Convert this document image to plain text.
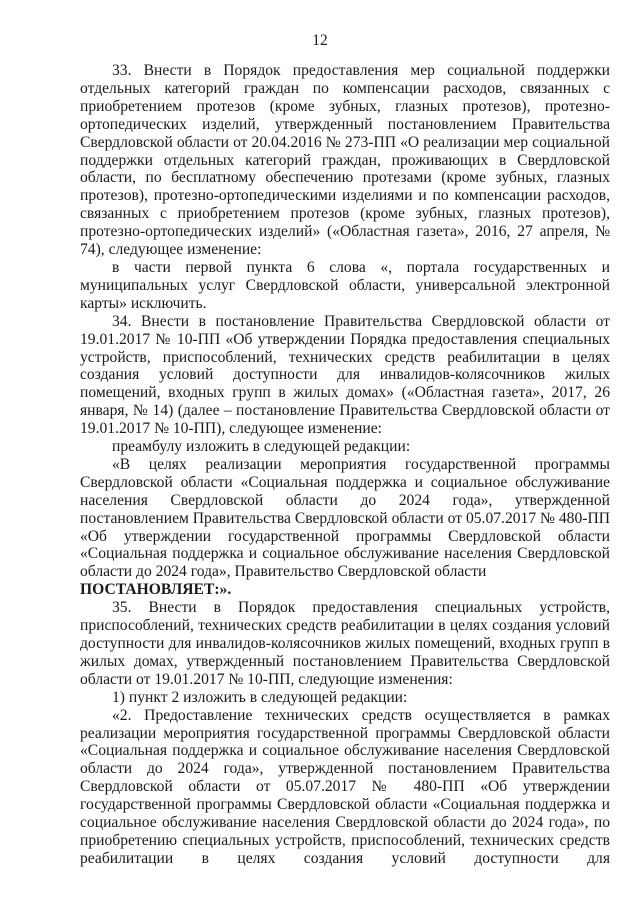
12

33. Внести в Порядок предоставления мер социальной поддержки отдельных категорий граждан по компенсации расходов, связанных с приобретением протезов (кроме зубных, глазных протезов), протезно-ортопедических изделий, утвержденный постановлением Правительства Свердловской области от 20.04.2016 № 273-ПП «О реализации мер социальной поддержки отдельных категорий граждан, проживающих в Свердловской области, по бесплатному обеспечению протезами (кроме зубных, глазных протезов), протезно-ортопедическими изделиями и по компенсации расходов, связанных с приобретением протезов (кроме зубных, глазных протезов), протезно-ортопедических изделий» («Областная газета», 2016, 27 апреля, № 74), следующее изменение:

в части первой пункта 6 слова «, портала государственных и муниципальных услуг Свердловской области, универсальной электронной карты» исключить.

34. Внести в постановление Правительства Свердловской области от 19.01.2017 № 10-ПП «Об утверждении Порядка предоставления специальных устройств, приспособлений, технических средств реабилитации в целях создания условий доступности для инвалидов-колясочников жилых помещений, входных групп в жилых домах» («Областная газета», 2017, 26 января, № 14) (далее – постановление Правительства Свердловской области от 19.01.2017 № 10-ПП), следующее изменение:

преамбулу изложить в следующей редакции:

«В целях реализации мероприятия государственной программы Свердловской области «Социальная поддержка и социальное обслуживание населения Свердловской области до 2024 года», утвержденной постановлением Правительства Свердловской области от 05.07.2017 № 480-ПП «Об утверждении государственной программы Свердловской области «Социальная поддержка и социальное обслуживание населения Свердловской области до 2024 года», Правительство Свердловской области

ПОСТАНОВЛЯЕТ:».

35. Внести в Порядок предоставления специальных устройств, приспособлений, технических средств реабилитации в целях создания условий доступности для инвалидов-колясочников жилых помещений, входных групп в жилых домах, утвержденный постановлением Правительства Свердловской области от 19.01.2017 № 10-ПП, следующие изменения:

1) пункт 2 изложить в следующей редакции:

«2. Предоставление технических средств осуществляется в рамках реализации мероприятия государственной программы Свердловской области «Социальная поддержка и социальное обслуживание населения Свердловской области до 2024 года», утвержденной постановлением Правительства Свердловской области от 05.07.2017 № 480-ПП «Об утверждении государственной программы Свердловской области «Социальная поддержка и социальное обслуживание населения Свердловской области до 2024 года», по приобретению специальных устройств, приспособлений, технических средств реабилитации в целях создания условий доступности для
